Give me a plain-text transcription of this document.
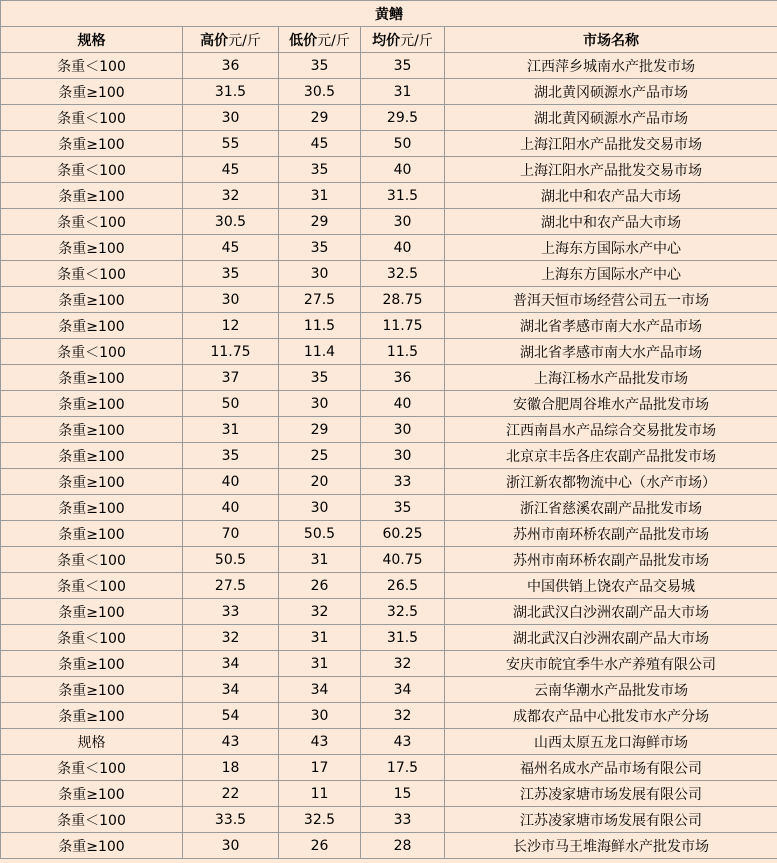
黄鳝				
规格	高价元/斤	低价元/斤	均价元/斤	市场名称
条重＜100	36	35	35	江西萍乡城南水产批发市场
条重≥100	31.5	30.5	31	湖北黄冈硕源水产品市场
条重＜100	30	29	29.5	湖北黄冈硕源水产品市场
条重≥100	55	45	50	上海江阳水产品批发交易市场
条重＜100	45	35	40	上海江阳水产品批发交易市场
条重≥100	32	31	31.5	湖北中和农产品大市场
条重＜100	30.5	29	30	湖北中和农产品大市场
条重≥100	45	35	40	上海东方国际水产中心
条重＜100	35	30	32.5	上海东方国际水产中心
条重≥100	30	27.5	28.75	普洱天恒市场经营公司五一市场
条重≥100	12	11.5	11.75	湖北省孝感市南大水产品市场
条重＜100	11.75	11.4	11.5	湖北省孝感市南大水产品市场
条重≥100	37	35	36	上海江杨水产品批发市场
条重≥100	50	30	40	安徽合肥周谷堆水产品批发市场
条重≥100	31	29	30	江西南昌水产品综合交易批发市场
条重≥100	35	25	30	北京京丰岳各庄农副产品批发市场
条重≥100	40	20	33	浙江新农都物流中心（水产市场）
条重≥100	40	30	35	浙江省慈溪农副产品批发市场
条重≥100	70	50.5	60.25	苏州市南环桥农副产品批发市场
条重＜100	50.5	31	40.75	苏州市南环桥农副产品批发市场
条重＜100	27.5	26	26.5	中国供销上饶农产品交易城
条重≥100	33	32	32.5	湖北武汉白沙洲农副产品大市场
条重＜100	32	31	31.5	湖北武汉白沙洲农副产品大市场
条重≥100	34	31	32	安庆市皖宜季牛水产养殖有限公司
条重≥100	34	34	34	云南华潮水产品批发市场
条重≥100	54	30	32	成都农产品中心批发市水产分场
规格	43	43	43	山西太原五龙口海鲜市场
条重＜100	18	17	17.5	福州名成水产品市场有限公司
条重≥100	22	11	15	江苏凌家塘市场发展有限公司
条重＜100	33.5	32.5	33	江苏凌家塘市场发展有限公司
条重≥100	30	26	28	长沙市马王堆海鲜水产批发市场
